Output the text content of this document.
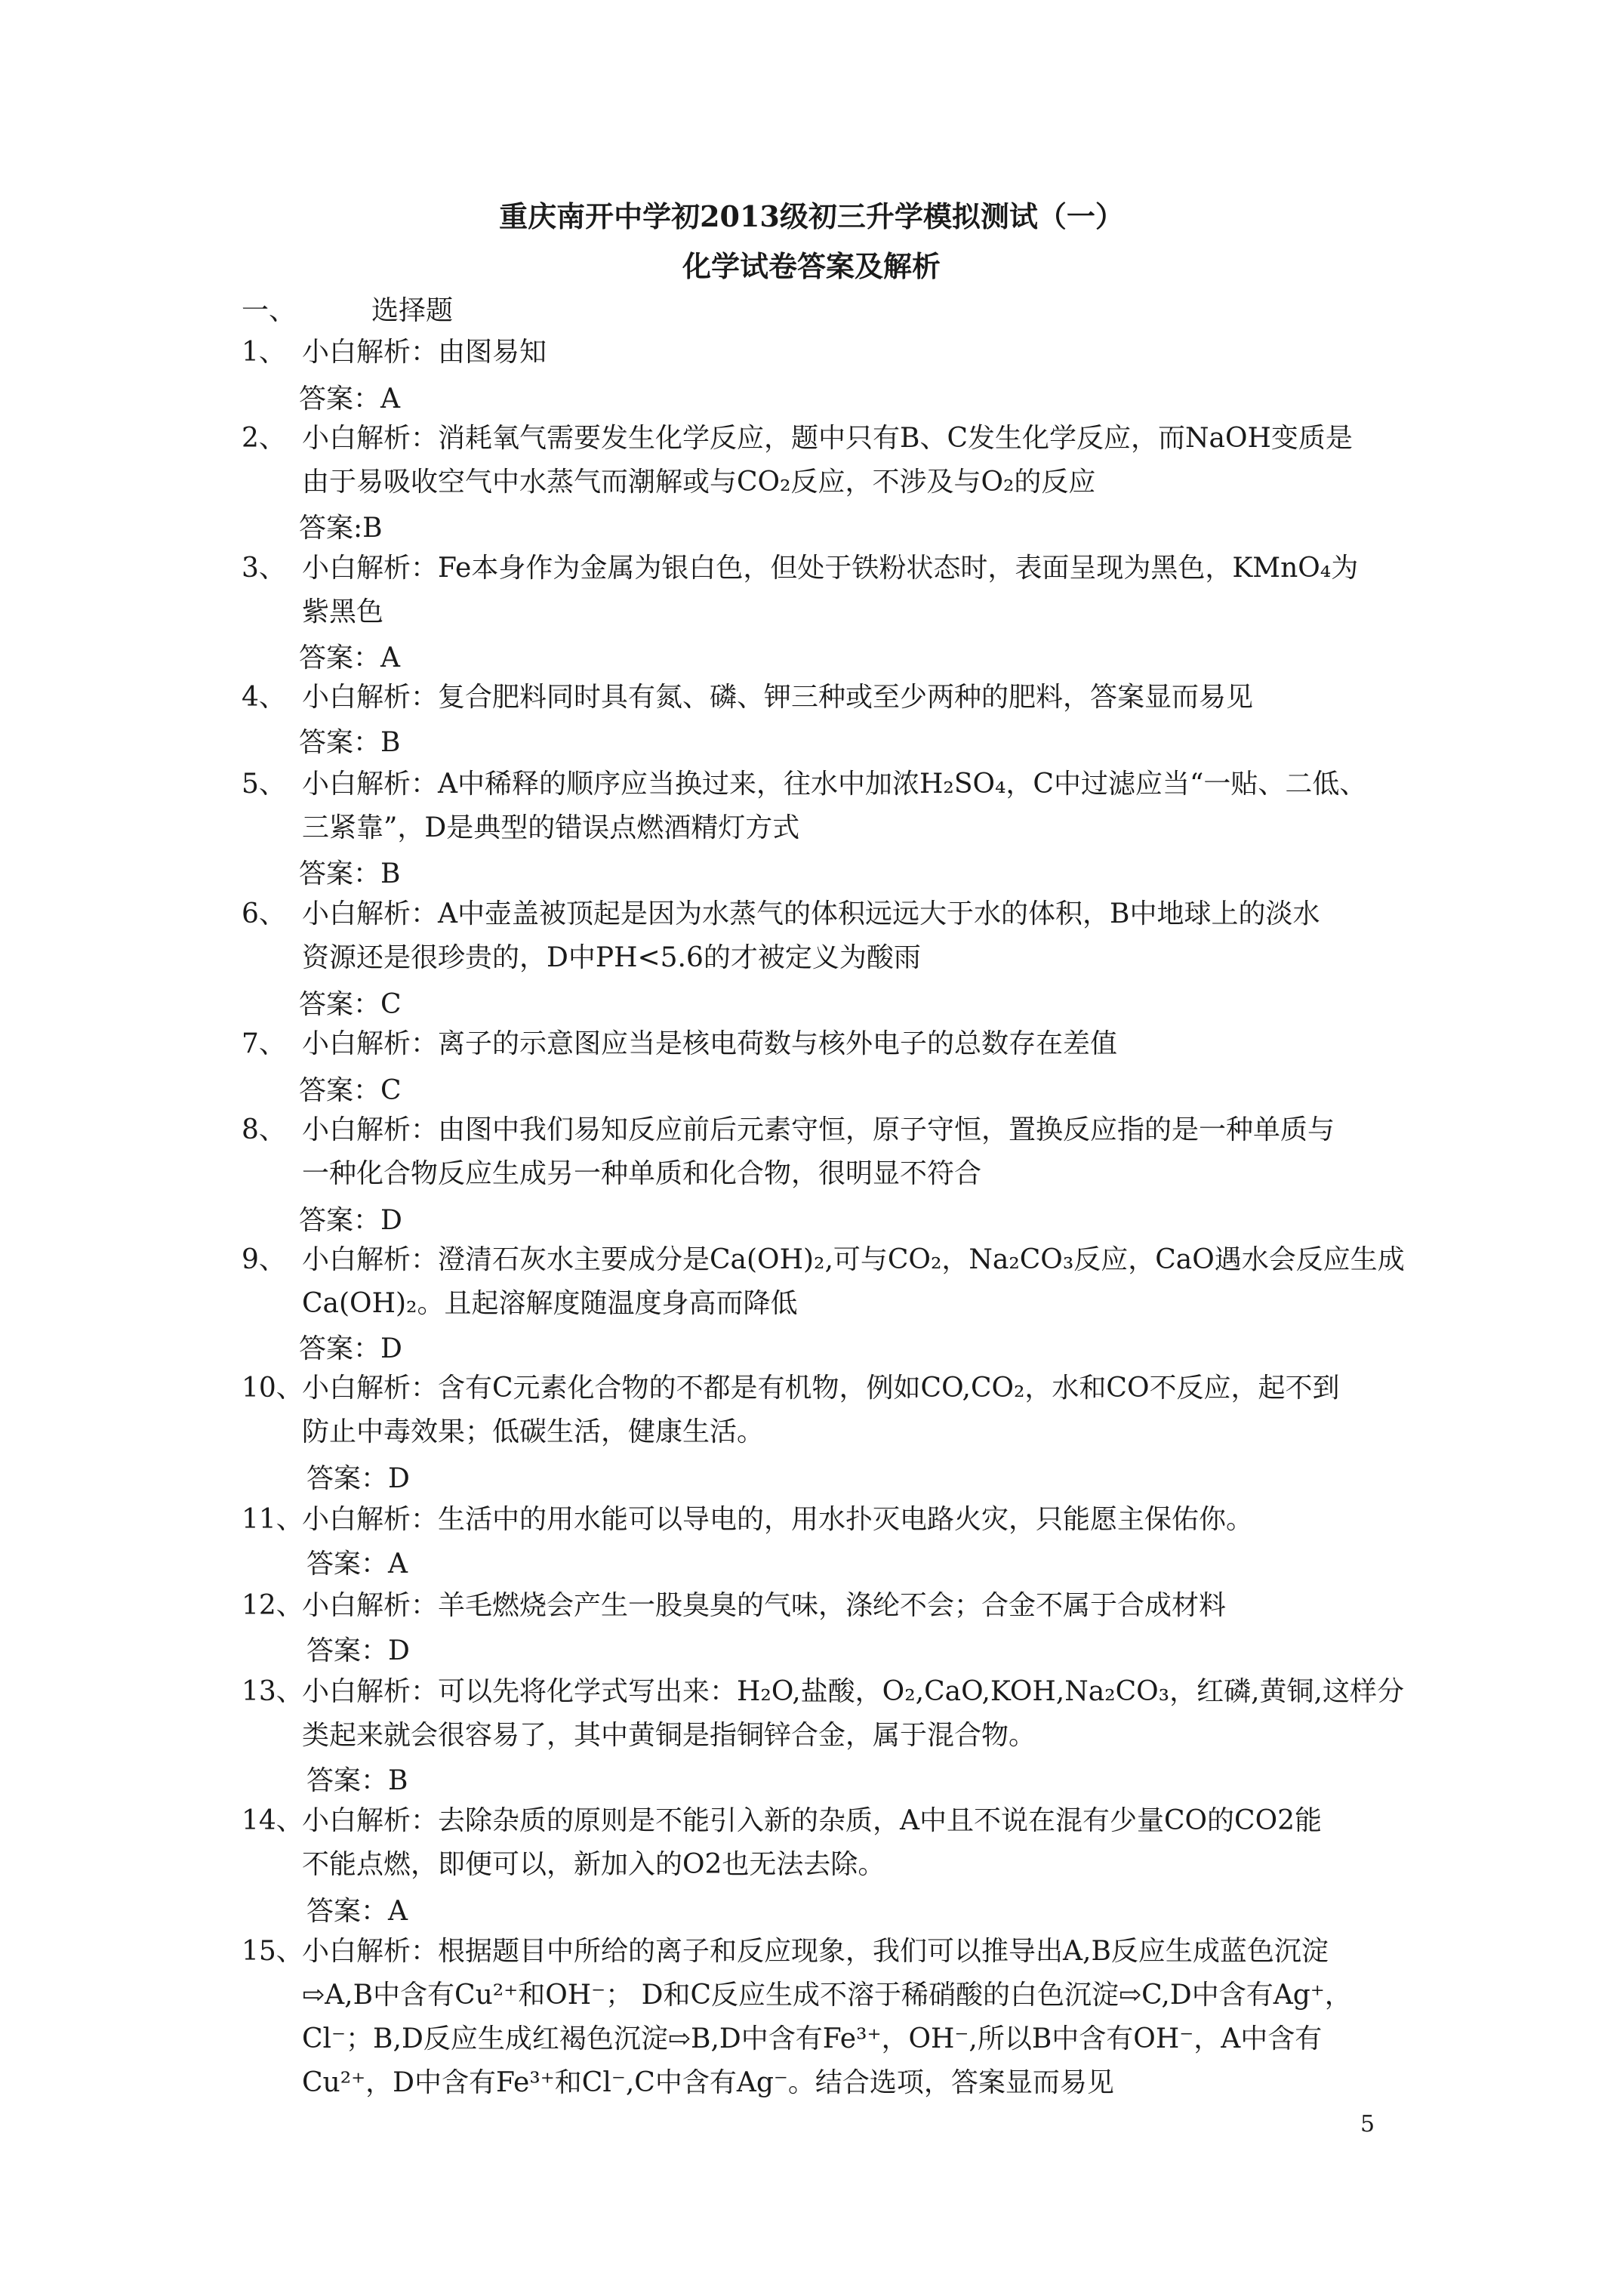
重庆南开中学初2013级初三升学模拟测试（一）
化学试卷答案及解析
一、	选择题
1、 小白解析：由图易知
答案：A
2、 小白解析：消耗氧气需要发生化学反应，题中只有B、C发生化学反应，而NaOH变质是
由于易吸收空气中水蒸气而潮解或与CO₂反应，不涉及与O₂的反应
答案:B
3、 小白解析：Fe本身作为金属为银白色，但处于铁粉状态时，表面呈现为黑色，KMnO₄为
紫黑色
答案：A
4、 小白解析：复合肥料同时具有氮、磷、钾三种或至少两种的肥料，答案显而易见
答案：B
5、 小白解析：A中稀释的顺序应当换过来，往水中加浓H₂SO₄，C中过滤应当“一贴、二低、
三紧靠”，D是典型的错误点燃酒精灯方式
答案：B
6、 小白解析：A中壶盖被顶起是因为水蒸气的体积远远大于水的体积，B中地球上的淡水
资源还是很珍贵的，D中PH<5.6的才被定义为酸雨
答案：C
7、 小白解析：离子的示意图应当是核电荷数与核外电子的总数存在差值
答案：C
8、 小白解析：由图中我们易知反应前后元素守恒，原子守恒，置换反应指的是一种单质与
一种化合物反应生成另一种单质和化合物，很明显不符合
答案：D
9、 小白解析：澄清石灰水主要成分是Ca(OH)₂,可与CO₂，Na₂CO₃反应，CaO遇水会反应生成
Ca(OH)₂。且起溶解度随温度身高而降低
答案：D
10、
小白解析：含有C元素化合物的不都是有机物，例如CO,CO₂，水和CO不反应，起不到
防止中毒效果；低碳生活，健康生活。
答案：D
11、
小白解析：生活中的用水能可以导电的，用水扑灭电路火灾，只能愿主保佑你。
答案：A
12、
小白解析：羊毛燃烧会产生一股臭臭的气味，涤纶不会；合金不属于合成材料
答案：D
13、
小白解析：可以先将化学式写出来：H₂O,盐酸，O₂,CaO,KOH,Na₂CO₃，红磷,黄铜,这样分
类起来就会很容易了，其中黄铜是指铜锌合金，属于混合物。
答案：B
14、
小白解析：去除杂质的原则是不能引入新的杂质，A中且不说在混有少量CO的CO2能
不能点燃，即便可以，新加入的O2也无法去除。
答案：A
15、
小白解析：根据题目中所给的离子和反应现象，我们可以推导出A,B反应生成蓝色沉淀
⇨A,B中含有Cu²⁺和OH⁻； D和C反应生成不溶于稀硝酸的白色沉淀⇨C,D中含有Ag⁺，
Cl⁻；B,D反应生成红褐色沉淀⇨B,D中含有Fe³⁺，OH⁻,所以B中含有OH⁻，A中含有
Cu²⁺，D中含有Fe³⁺和Cl⁻,C中含有Ag⁻。结合选项，答案显而易见
5
